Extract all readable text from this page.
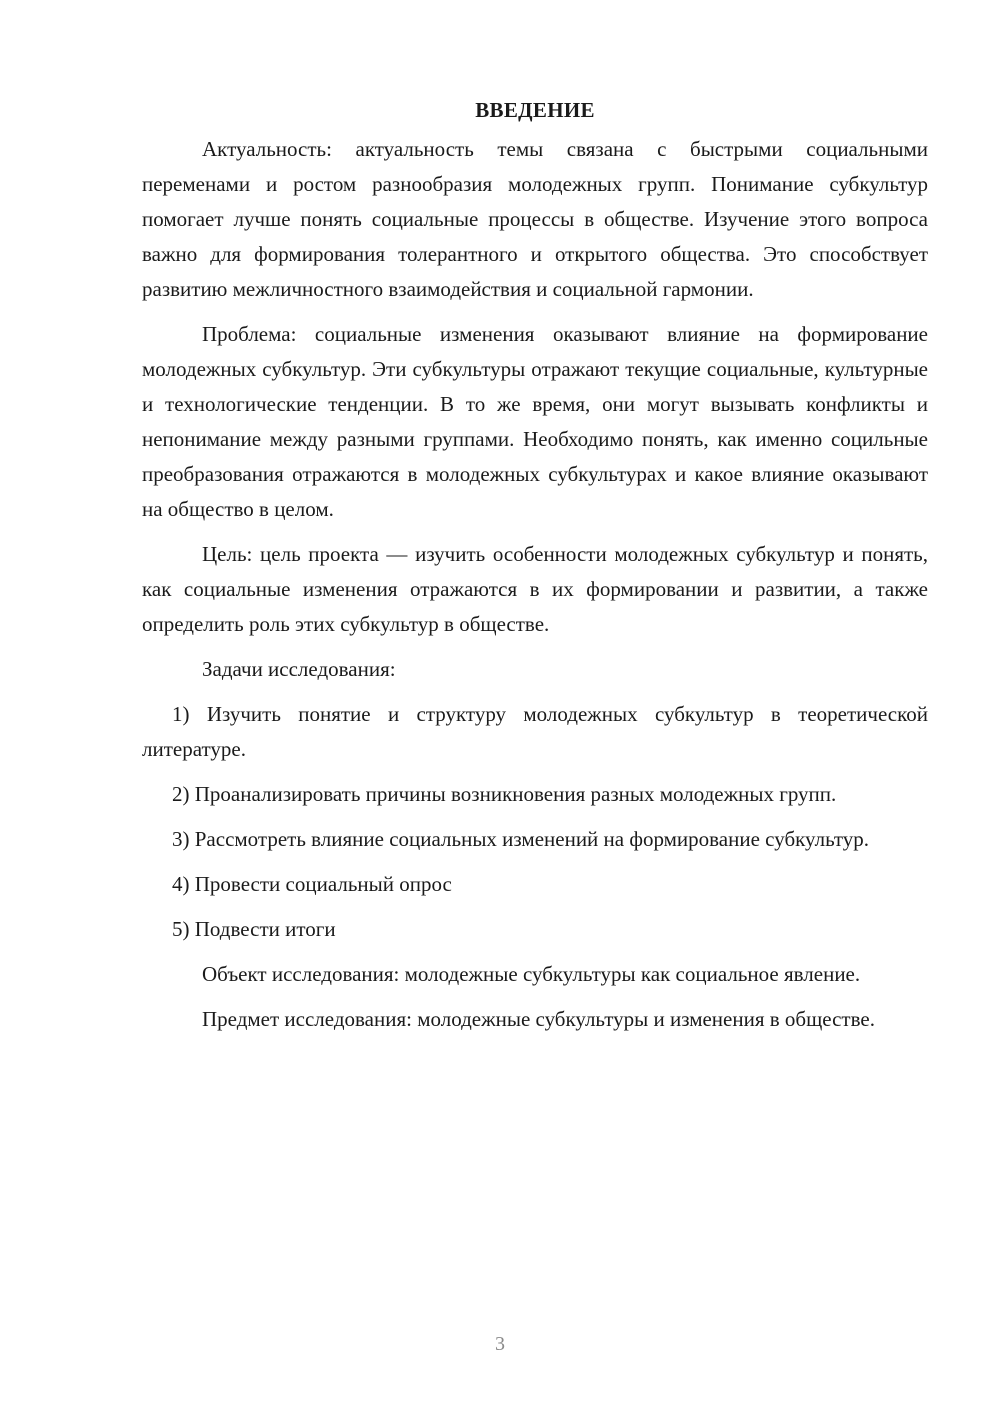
ВВЕДЕНИЕ

Актуальность: актуальность темы связана с быстрыми социальными переменами и ростом разнообразия молодежных групп. Понимание субкультур помогает лучше понять социальные процессы в обществе. Изучение этого вопроса важно для формирования толерантного и открытого общества. Это способствует развитию межличностного взаимодействия и социальной гармонии.

Проблема: социальные изменения оказывают влияние на формирование молодежных субкультур. Эти субкультуры отражают текущие социальные, культурные и технологические тенденции. В то же время, они могут вызывать конфликты и непонимание между разными группами. Необходимо понять, как именно социльные преобразования отражаются в молодежных субкультурах и какое влияние оказывают на общество в целом.

Цель: цель проекта — изучить особенности молодежных субкультур и понять, как социальные изменения отражаются в их формировании и развитии, а также определить роль этих субкультур в обществе.

Задачи исследования:

1) Изучить понятие и структуру молодежных субкультур в теоретической литературе.

2) Проанализировать причины возникновения разных молодежных групп.

3) Рассмотреть влияние социальных изменений на формирование субкультур.

4) Провести социальный опрос

5) Подвести итоги

Объект исследования: молодежные субкультуры как социальное явление.

Предмет исследования: молодежные субкультуры и изменения в обществе.

3
